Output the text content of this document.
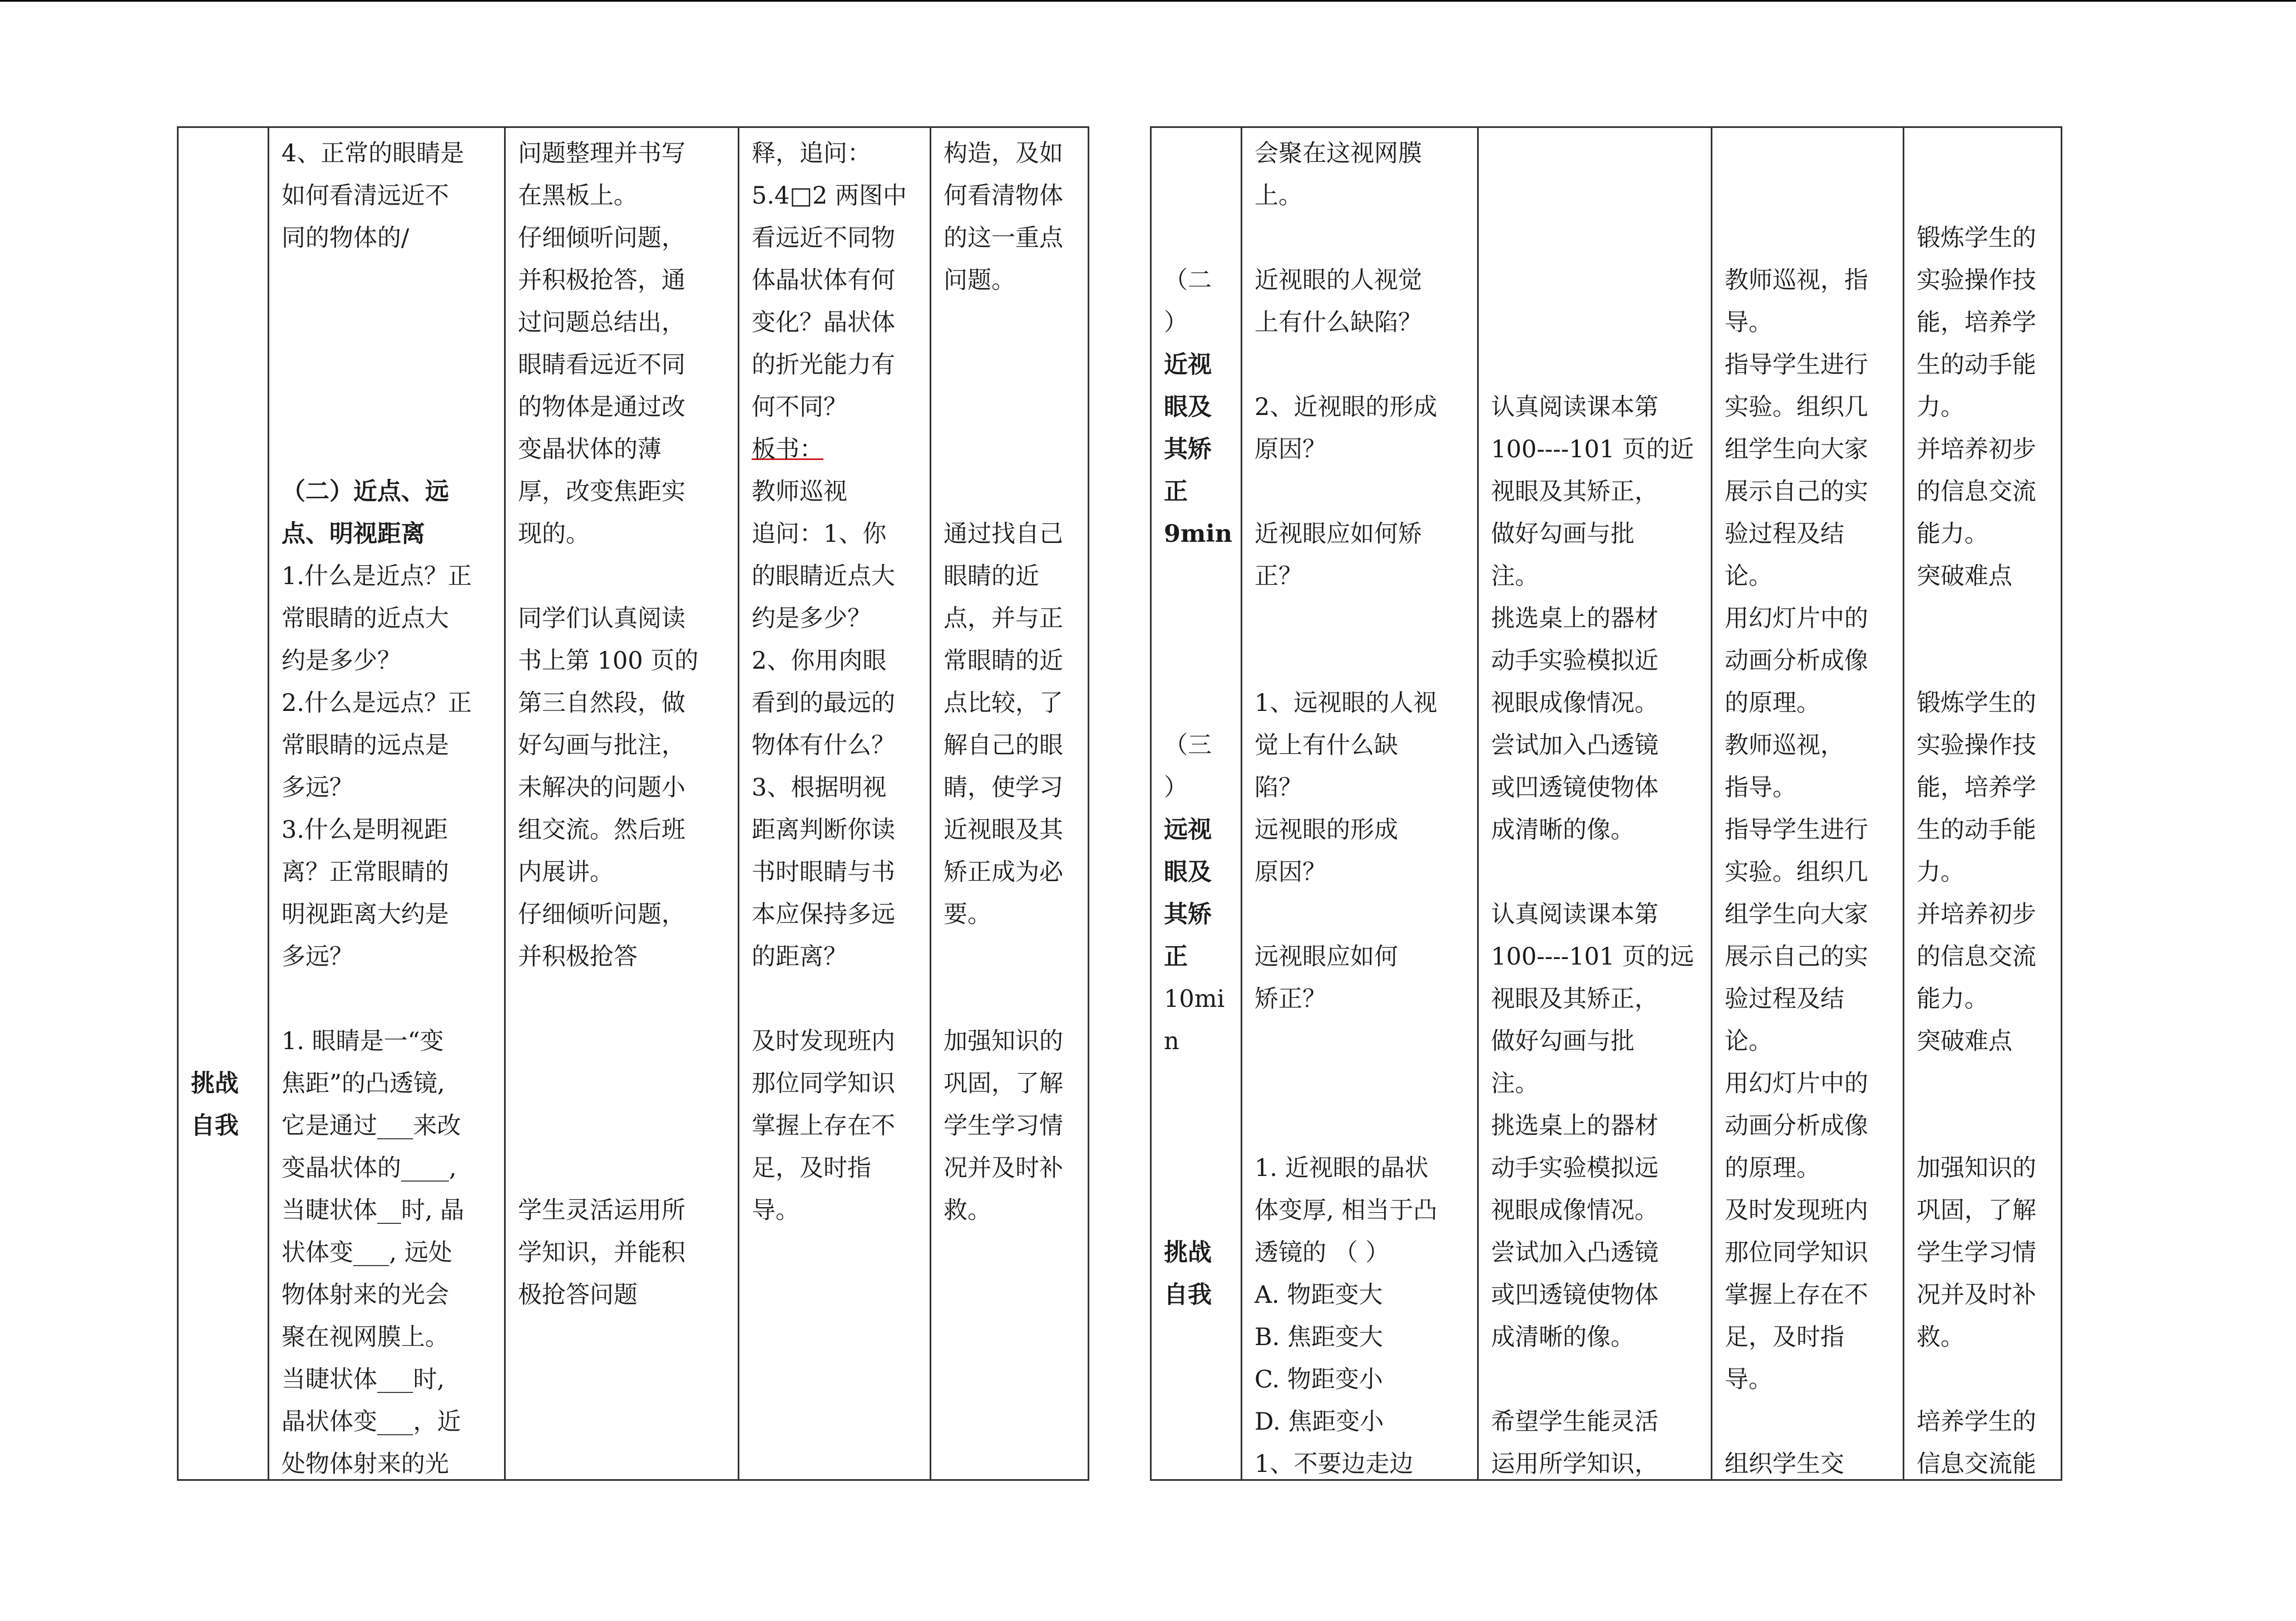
挑战
自我
4、正常的眼睛是
如何看清远近不
同的物体的/
（二）近点、远
点、明视距离
1.什么是近点？正
常眼睛的近点大
约是多少？
2.什么是远点？正
常眼睛的远点是
多远？
3.什么是明视距
离？正常眼睛的
明视距离大约是
多远？
1. 眼睛是一“变
焦距”的凸透镜,
它是通过___来改
变晶状体的____,
当睫状体__时, 晶
状体变___, 远处
物体射来的光会
聚在视网膜上。
当睫状体___时,
晶状体变___，近
处物体射来的光
问题整理并书写
在黑板上。
仔细倾听问题，
并积极抢答，通
过问题总结出，
眼睛看远近不同
的物体是通过改
变晶状体的薄
厚，改变焦距实
现的。
同学们认真阅读
书上第 100 页的
第三自然段，做
好勾画与批注，
未解决的问题小
组交流。然后班
内展讲。
仔细倾听问题，
并积极抢答
学生灵活运用所
学知识，并能积
极抢答问题
释，追问：
5.4□2 两图中
看远近不同物
体晶状体有何
变化？晶状体
的折光能力有
何不同？
板书：
教师巡视
追问：1、你
的眼睛近点大
约是多少？
2、你用肉眼
看到的最远的
物体有什么？
3、根据明视
距离判断你读
书时眼睛与书
本应保持多远
的距离？
及时发现班内
那位同学知识
掌握上存在不
足，及时指
导。
构造，及如
何看清物体
的这一重点
问题。
通过找自己
眼睛的近
点，并与正
常眼睛的近
点比较，了
解自己的眼
睛，使学习
近视眼及其
矫正成为必
要。
加强知识的
巩固，了解
学生学习情
况并及时补
救。
（二
）
近视
眼及
其矫
正
9min
（三
）
远视
眼及
其矫
正
10mi
n
挑战
自我
会聚在这视网膜
上。
近视眼的人视觉
上有什么缺陷？
2、近视眼的形成
原因？
近视眼应如何矫
正？
1、远视眼的人视
觉上有什么缺
陷？
远视眼的形成
原因？
远视眼应如何
矫正？
1. 近视眼的晶状
体变厚, 相当于凸
透镜的 （ ）
A. 物距变大
B. 焦距变大
C. 物距变小
D. 焦距变小
1、不要边走边
认真阅读课本第
100----101 页的近
视眼及其矫正，
做好勾画与批
注。
挑选桌上的器材
动手实验模拟近
视眼成像情况。
尝试加入凸透镜
或凹透镜使物体
成清晰的像。
认真阅读课本第
100----101 页的远
视眼及其矫正，
做好勾画与批
注。
挑选桌上的器材
动手实验模拟远
视眼成像情况。
尝试加入凸透镜
或凹透镜使物体
成清晰的像。
希望学生能灵活
运用所学知识，
教师巡视，指
导。
指导学生进行
实验。组织几
组学生向大家
展示自己的实
验过程及结
论。
用幻灯片中的
动画分析成像
的原理。
教师巡视，
指导。
指导学生进行
实验。组织几
组学生向大家
展示自己的实
验过程及结
论。
用幻灯片中的
动画分析成像
的原理。
及时发现班内
那位同学知识
掌握上存在不
足，及时指
导。
组织学生交
锻炼学生的
实验操作技
能，培养学
生的动手能
力。
并培养初步
的信息交流
能力。
突破难点
锻炼学生的
实验操作技
能，培养学
生的动手能
力。
并培养初步
的信息交流
能力。
突破难点
加强知识的
巩固，了解
学生学习情
况并及时补
救。
培养学生的
信息交流能
